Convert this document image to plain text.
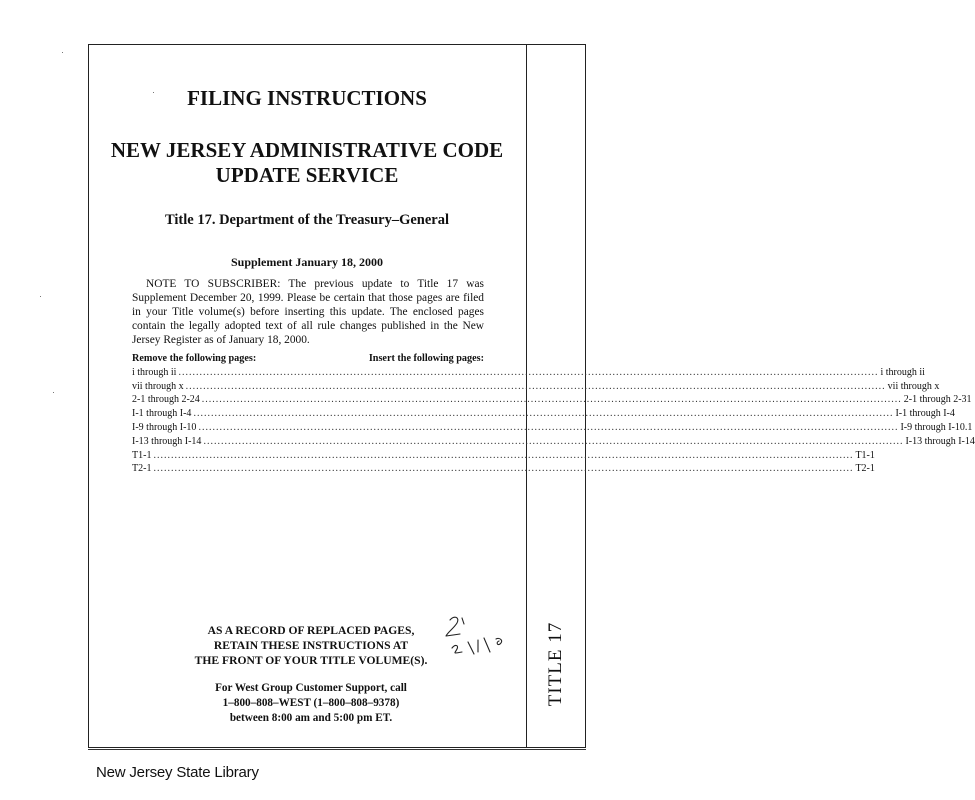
TITLE 17
FILING INSTRUCTIONS
NEW JERSEY ADMINISTRATIVE CODE
UPDATE SERVICE
Title 17. Department of the Treasury–General
Supplement January 18, 2000
NOTE TO SUBSCRIBER: The previous update to Title 17 was Supplement December 20, 1999. Please be certain that those pages are filed in your Title volume(s) before inserting this update. The enclosed pages contain the legally adopted text of all rule changes published in the New Jersey Register as of January 18, 2000.
Remove the following pages:	Insert the following pages:
i through ii ........................................................................................................................................................................................................ i through ii
vii through x ........................................................................................................................................................................................................ vii through x
2-1 through 2-24 ........................................................................................................................................................................................................ 2-1 through 2-31
I-1 through I-4 ........................................................................................................................................................................................................ I-1 through I-4
I-9 through I-10 ........................................................................................................................................................................................................ I-9 through I-10.1
I-13 through I-14 ........................................................................................................................................................................................................ I-13 through I-14
T1-1 ........................................................................................................................................................................................................ T1-1
T2-1 ........................................................................................................................................................................................................ T2-1
AS A RECORD OF REPLACED PAGES,
RETAIN THESE INSTRUCTIONS AT
THE FRONT OF YOUR TITLE VOLUME(S).
For West Group Customer Support, call
1–800–808–WEST (1–800–808–9378)
between 8:00 am and 5:00 pm ET.
New Jersey State Library
